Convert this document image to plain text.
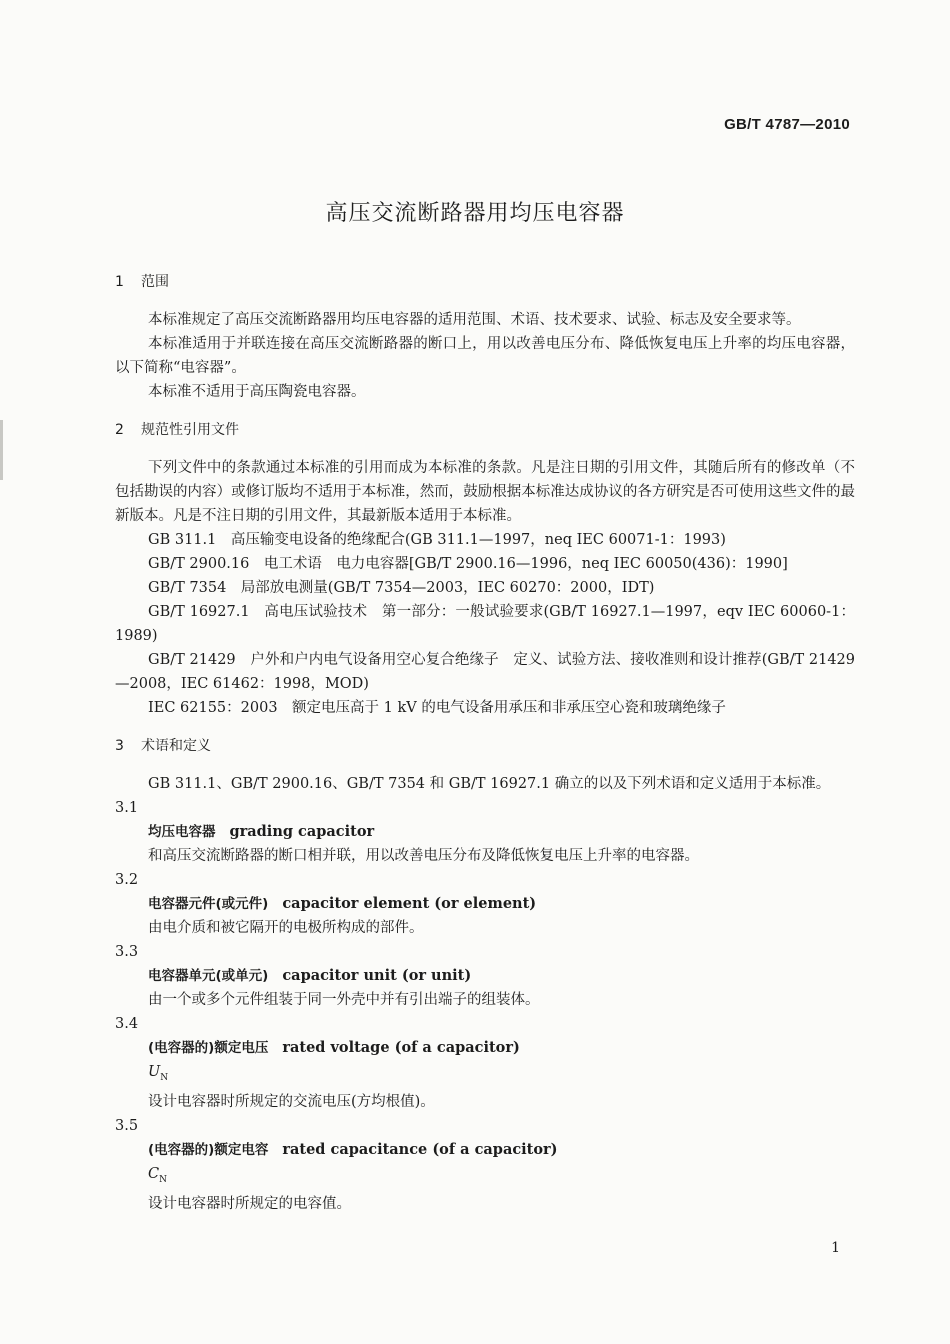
GB/T 4787—2010
高压交流断路器用均压电容器

1 范围

本标准规定了高压交流断路器用均压电容器的适用范围、术语、技术要求、试验、标志及安全要求等。

本标准适用于并联连接在高压交流断路器的断口上，用以改善电压分布、降低恢复电压上升率的均压电容器，以下简称“电容器”。

本标准不适用于高压陶瓷电容器。

2 规范性引用文件

下列文件中的条款通过本标准的引用而成为本标准的条款。凡是注日期的引用文件，其随后所有的修改单（不包括勘误的内容）或修订版均不适用于本标准，然而，鼓励根据本标准达成协议的各方研究是否可使用这些文件的最新版本。凡是不注日期的引用文件，其最新版本适用于本标准。

GB 311.1　高压输变电设备的绝缘配合(GB 311.1—1997，neq IEC 60071-1：1993)

GB/T 2900.16　电工术语　电力电容器[GB/T 2900.16—1996，neq IEC 60050(436)：1990]

GB/T 7354　局部放电测量(GB/T 7354—2003，IEC 60270：2000，IDT)

GB/T 16927.1　高电压试验技术　第一部分：一般试验要求(GB/T 16927.1—1997，eqv IEC 60060-1：1989)

GB/T 21429　户外和户内电气设备用空心复合绝缘子　定义、试验方法、接收准则和设计推荐(GB/T 21429—2008，IEC 61462：1998，MOD)

IEC 62155：2003　额定电压高于 1 kV 的电气设备用承压和非承压空心瓷和玻璃绝缘子

3 术语和定义

GB 311.1、GB/T 2900.16、GB/T 7354 和 GB/T 16927.1 确立的以及下列术语和定义适用于本标准。

3.1

均压电容器 grading capacitor

和高压交流断路器的断口相并联，用以改善电压分布及降低恢复电压上升率的电容器。

3.2

电容器元件(或元件) capacitor element (or element)

由电介质和被它隔开的电极所构成的部件。

3.3

电容器单元(或单元) capacitor unit (or unit)

由一个或多个元件组装于同一外壳中并有引出端子的组装体。

3.4

(电容器的)额定电压 rated voltage (of a capacitor)

$U_N$

设计电容器时所规定的交流电压(方均根值)。

3.5

(电容器的)额定电容 rated capacitance (of a capacitor)

$C_N$

设计电容器时所规定的电容值。

1
